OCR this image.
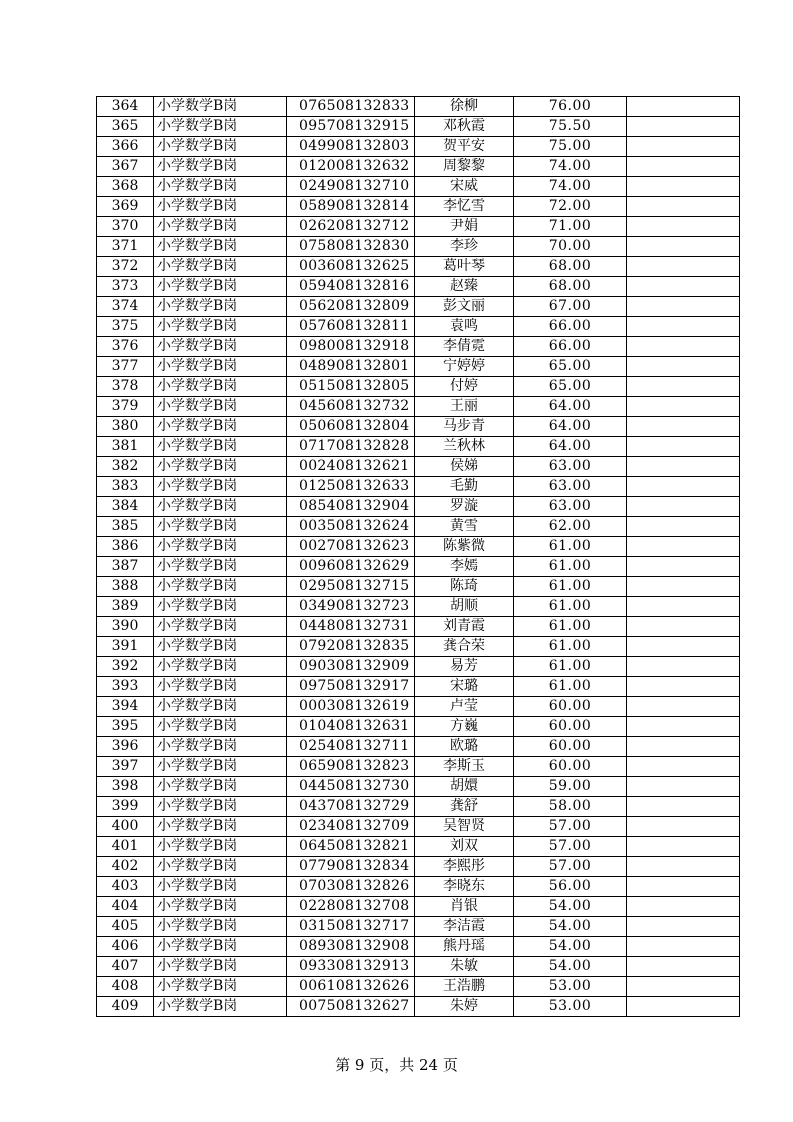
364	小学数学B岗	076508132833	徐柳	76.00	
365	小学数学B岗	095708132915	邓秋霞	75.50	
366	小学数学B岗	049908132803	贺平安	75.00	
367	小学数学B岗	012008132632	周黎黎	74.00	
368	小学数学B岗	024908132710	宋威	74.00	
369	小学数学B岗	058908132814	李忆雪	72.00	
370	小学数学B岗	026208132712	尹娟	71.00	
371	小学数学B岗	075808132830	李珍	70.00	
372	小学数学B岗	003608132625	葛叶琴	68.00	
373	小学数学B岗	059408132816	赵臻	68.00	
374	小学数学B岗	056208132809	彭文丽	67.00	
375	小学数学B岗	057608132811	袁鸣	66.00	
376	小学数学B岗	098008132918	李倩霓	66.00	
377	小学数学B岗	048908132801	宁婷婷	65.00	
378	小学数学B岗	051508132805	付婷	65.00	
379	小学数学B岗	045608132732	王丽	64.00	
380	小学数学B岗	050608132804	马步青	64.00	
381	小学数学B岗	071708132828	兰秋林	64.00	
382	小学数学B岗	002408132621	侯娣	63.00	
383	小学数学B岗	012508132633	毛勤	63.00	
384	小学数学B岗	085408132904	罗漩	63.00	
385	小学数学B岗	003508132624	黄雪	62.00	
386	小学数学B岗	002708132623	陈紫微	61.00	
387	小学数学B岗	009608132629	李嫣	61.00	
388	小学数学B岗	029508132715	陈琦	61.00	
389	小学数学B岗	034908132723	胡顺	61.00	
390	小学数学B岗	044808132731	刘青霞	61.00	
391	小学数学B岗	079208132835	龚合荣	61.00	
392	小学数学B岗	090308132909	易芳	61.00	
393	小学数学B岗	097508132917	宋璐	61.00	
394	小学数学B岗	000308132619	卢莹	60.00	
395	小学数学B岗	010408132631	方巍	60.00	
396	小学数学B岗	025408132711	欧璐	60.00	
397	小学数学B岗	065908132823	李斯玉	60.00	
398	小学数学B岗	044508132730	胡嬛	59.00	
399	小学数学B岗	043708132729	龚舒	58.00	
400	小学数学B岗	023408132709	吴智贤	57.00	
401	小学数学B岗	064508132821	刘双	57.00	
402	小学数学B岗	077908132834	李熙彤	57.00	
403	小学数学B岗	070308132826	李晓东	56.00	
404	小学数学B岗	022808132708	肖银	54.00	
405	小学数学B岗	031508132717	李洁霞	54.00	
406	小学数学B岗	089308132908	熊丹瑶	54.00	
407	小学数学B岗	093308132913	朱敏	54.00	
408	小学数学B岗	006108132626	王浩鹏	53.00	
409	小学数学B岗	007508132627	朱婷	53.00	
第 9 页，共 24 页
